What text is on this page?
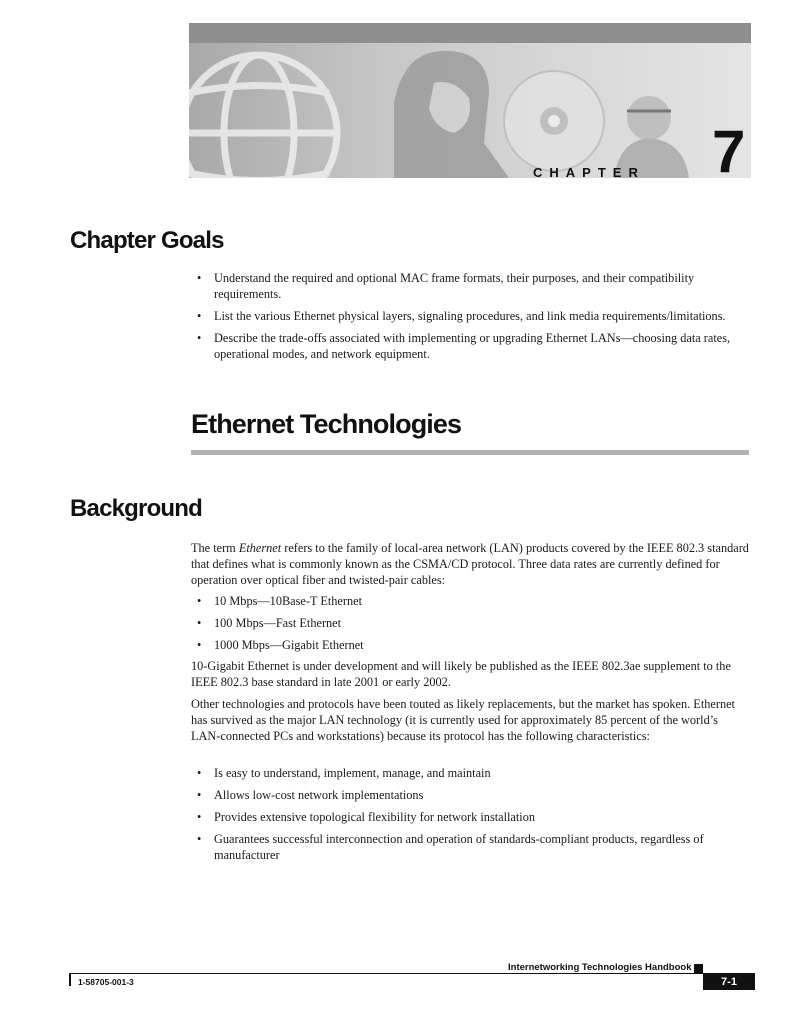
CHAPTER 7
Chapter Goals
• Understand the required and optional MAC frame formats, their purposes, and their compatibility requirements.
• List the various Ethernet physical layers, signaling procedures, and link media requirements/limitations.
• Describe the trade-offs associated with implementing or upgrading Ethernet LANs—choosing data rates, operational modes, and network equipment.
Ethernet Technologies
Background

The term Ethernet refers to the family of local-area network (LAN) products covered by the IEEE 802.3 standard that defines what is commonly known as the CSMA/CD protocol. Three data rates are currently defined for operation over optical fiber and twisted-pair cables:

• 10 Mbps—10Base-T Ethernet
• 100 Mbps—Fast Ethernet
• 1000 Mbps—Gigabit Ethernet

10-Gigabit Ethernet is under development and will likely be published as the IEEE 802.3ae supplement to the IEEE 802.3 base standard in late 2001 or early 2002.

Other technologies and protocols have been touted as likely replacements, but the market has spoken. Ethernet has survived as the major LAN technology (it is currently used for approximately 85 percent of the world’s LAN-connected PCs and workstations) because its protocol has the following characteristics:

• Is easy to understand, implement, manage, and maintain
• Allows low-cost network implementations
• Provides extensive topological flexibility for network installation
• Guarantees successful interconnection and operation of standards-compliant products, regardless of manufacturer
Internetworking Technologies Handbook
1-58705-001-3	7-1
